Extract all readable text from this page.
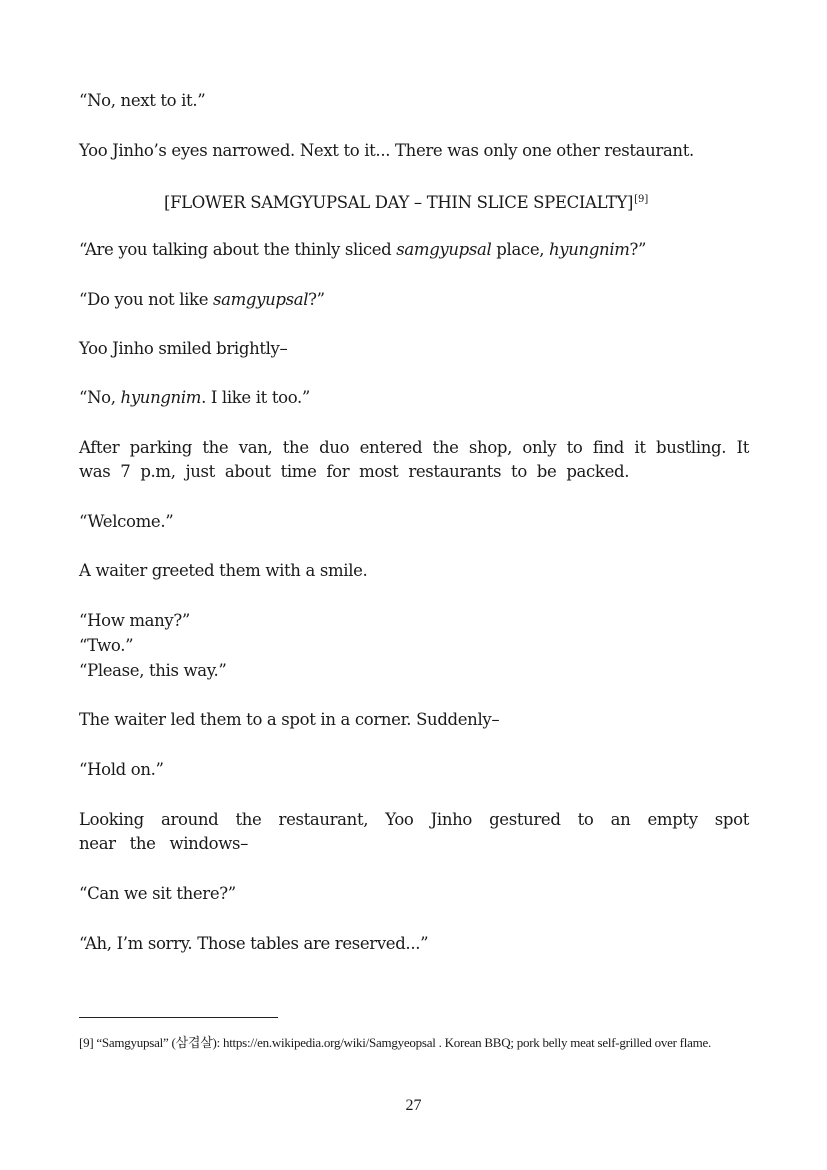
“No, next to it.”

Yoo Jinho’s eyes narrowed. Next to it... There was only one other restaurant.

[FLOWER SAMGYUPSAL DAY – THIN SLICE SPECIALTY][9]

“Are you talking about the thinly sliced samgyupsal place, hyungnim?”

“Do you not like samgyupsal?”

Yoo Jinho smiled brightly–

“No, hyungnim. I like it too.”

After parking the van, the duo entered the shop, only to find it bustling. It was 7 p.m, just about time for most restaurants to be packed.

“Welcome.”

A waiter greeted them with a smile.

“How many?”

“Two.”

“Please, this way.”

The waiter led them to a spot in a corner. Suddenly–

“Hold on.”

Looking around the restaurant, Yoo Jinho gestured to an empty spot near the windows–

“Can we sit there?”

“Ah, I’m sorry. Those tables are reserved...”

[9] “Samgyupsal” (삼겹살): https://en.wikipedia.org/wiki/Samgyeopsal . Korean BBQ; pork belly meat self-grilled over flame.

27
